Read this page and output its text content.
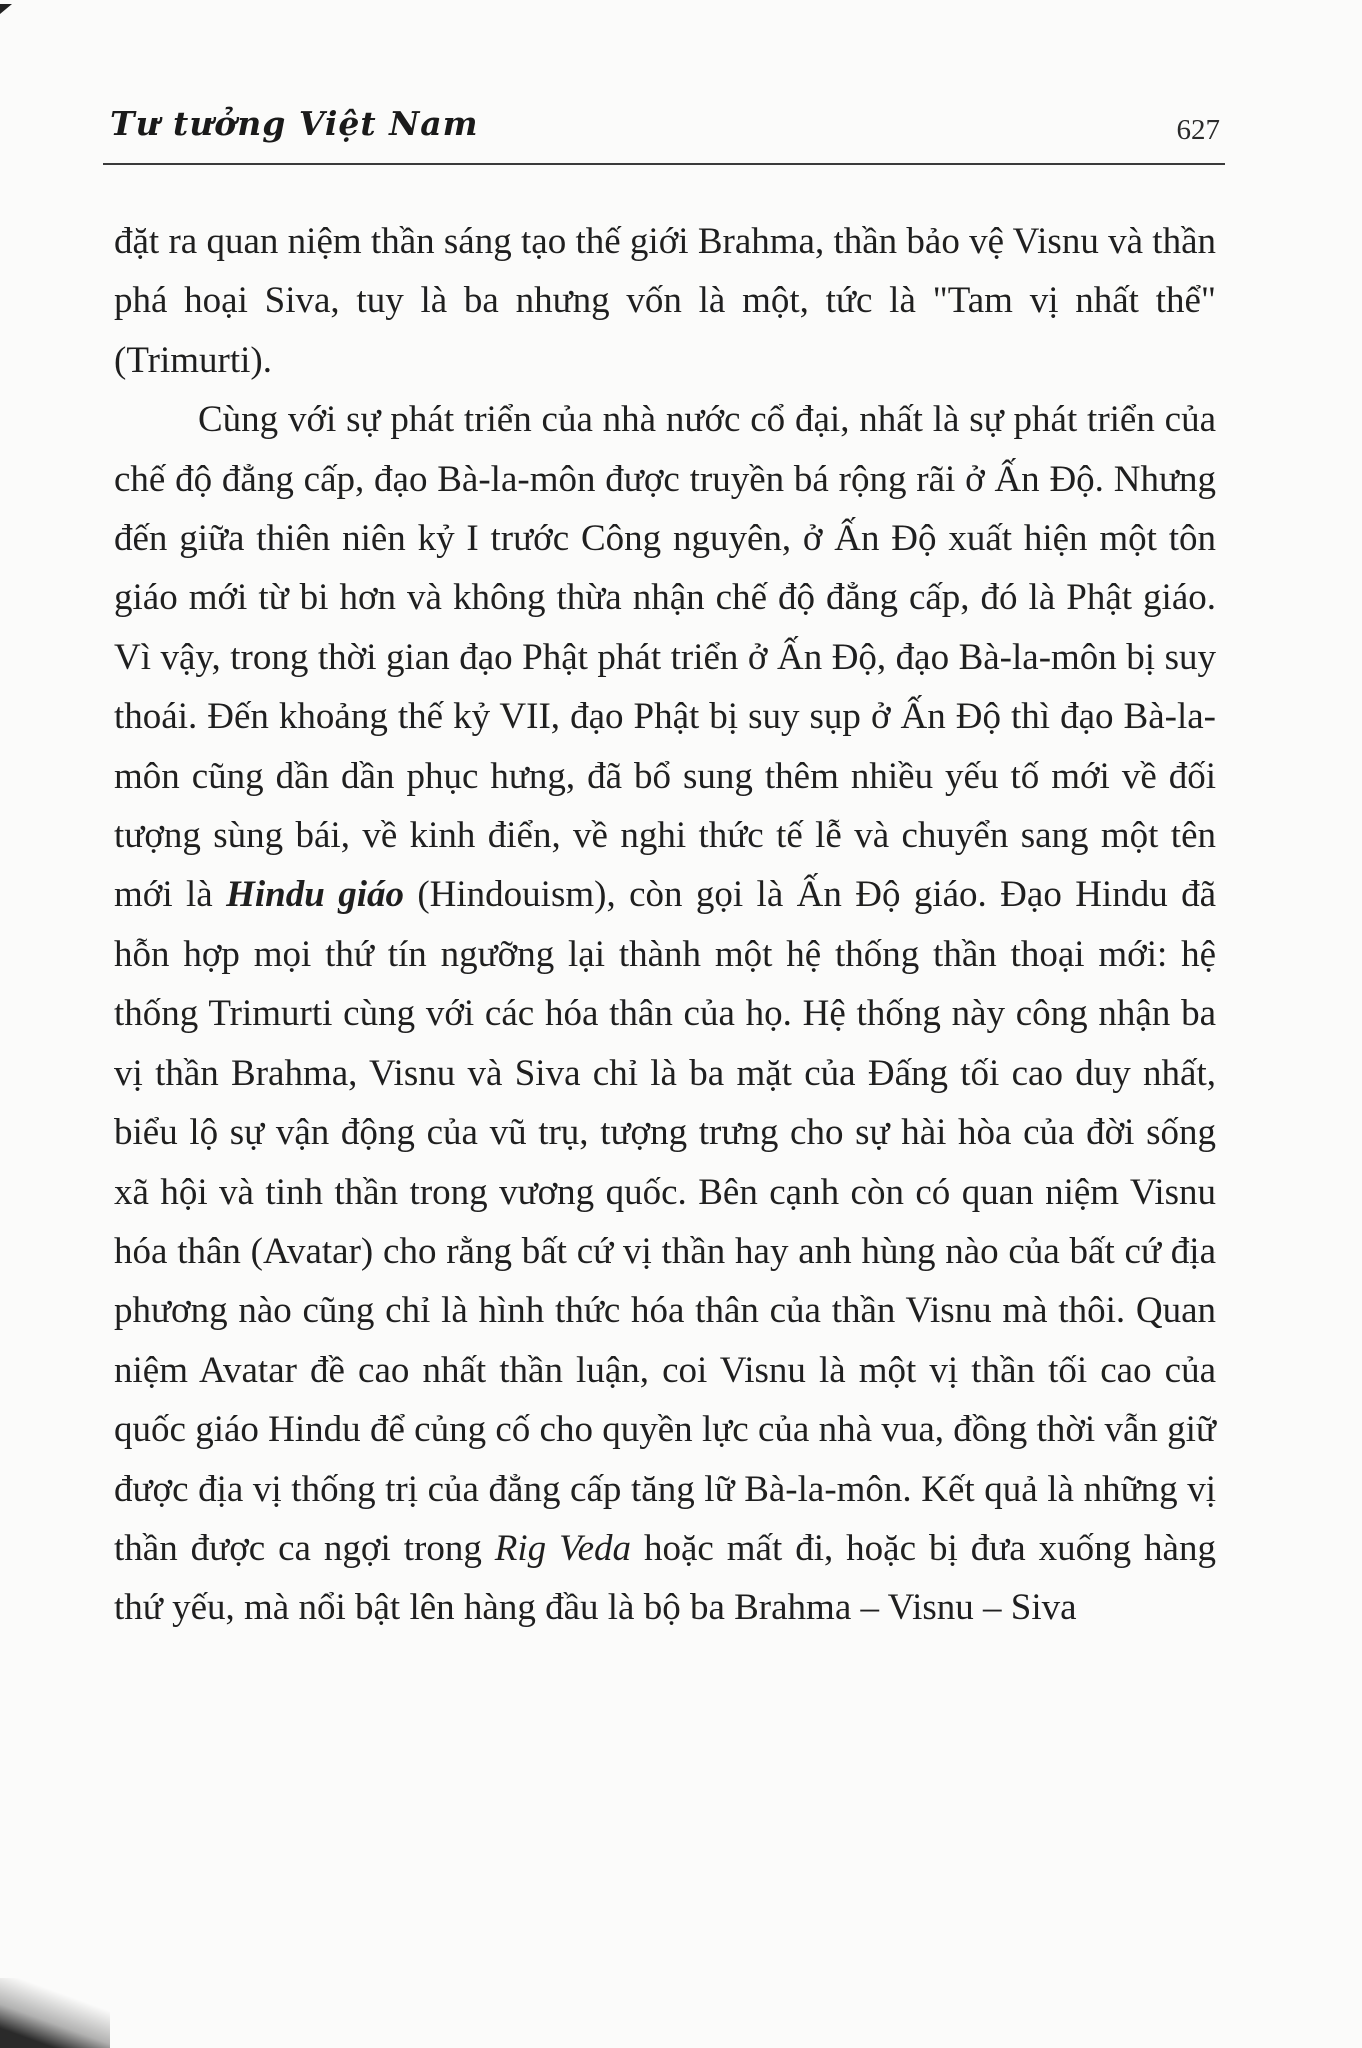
Tư tưởng Việt Nam	627

đặt ra quan niệm thần sáng tạo thế giới Brahma, thần bảo vệ Visnu và thần phá hoại Siva, tuy là ba nhưng vốn là một, tức là "Tam vị nhất thể" (Trimurti).

Cùng với sự phát triển của nhà nước cổ đại, nhất là sự phát triển của chế độ đẳng cấp, đạo Bà-la-môn được truyền bá rộng rãi ở Ấn Độ. Nhưng đến giữa thiên niên kỷ I trước Công nguyên, ở Ấn Độ xuất hiện một tôn giáo mới từ bi hơn và không thừa nhận chế độ đẳng cấp, đó là Phật giáo. Vì vậy, trong thời gian đạo Phật phát triển ở Ấn Độ, đạo Bà-la-môn bị suy thoái. Đến khoảng thế kỷ VII, đạo Phật bị suy sụp ở Ấn Độ thì đạo Bà-la-môn cũng dần dần phục hưng, đã bổ sung thêm nhiều yếu tố mới về đối tượng sùng bái, về kinh điển, về nghi thức tế lễ và chuyển sang một tên mới là Hindu giáo (Hindouism), còn gọi là Ấn Độ giáo. Đạo Hindu đã hỗn hợp mọi thứ tín ngưỡng lại thành một hệ thống thần thoại mới: hệ thống Trimurti cùng với các hóa thân của họ. Hệ thống này công nhận ba vị thần Brahma, Visnu và Siva chỉ là ba mặt của Đấng tối cao duy nhất, biểu lộ sự vận động của vũ trụ, tượng trưng cho sự hài hòa của đời sống xã hội và tinh thần trong vương quốc. Bên cạnh còn có quan niệm Visnu hóa thân (Avatar) cho rằng bất cứ vị thần hay anh hùng nào của bất cứ địa phương nào cũng chỉ là hình thức hóa thân của thần Visnu mà thôi. Quan niệm Avatar đề cao nhất thần luận, coi Visnu là một vị thần tối cao của quốc giáo Hindu để củng cố cho quyền lực của nhà vua, đồng thời vẫn giữ được địa vị thống trị của đẳng cấp tăng lữ Bà-la-môn. Kết quả là những vị thần được ca ngợi trong Rig Veda hoặc mất đi, hoặc bị đưa xuống hàng thứ yếu, mà nổi bật lên hàng đầu là bộ ba Brahma – Visnu – Siva
